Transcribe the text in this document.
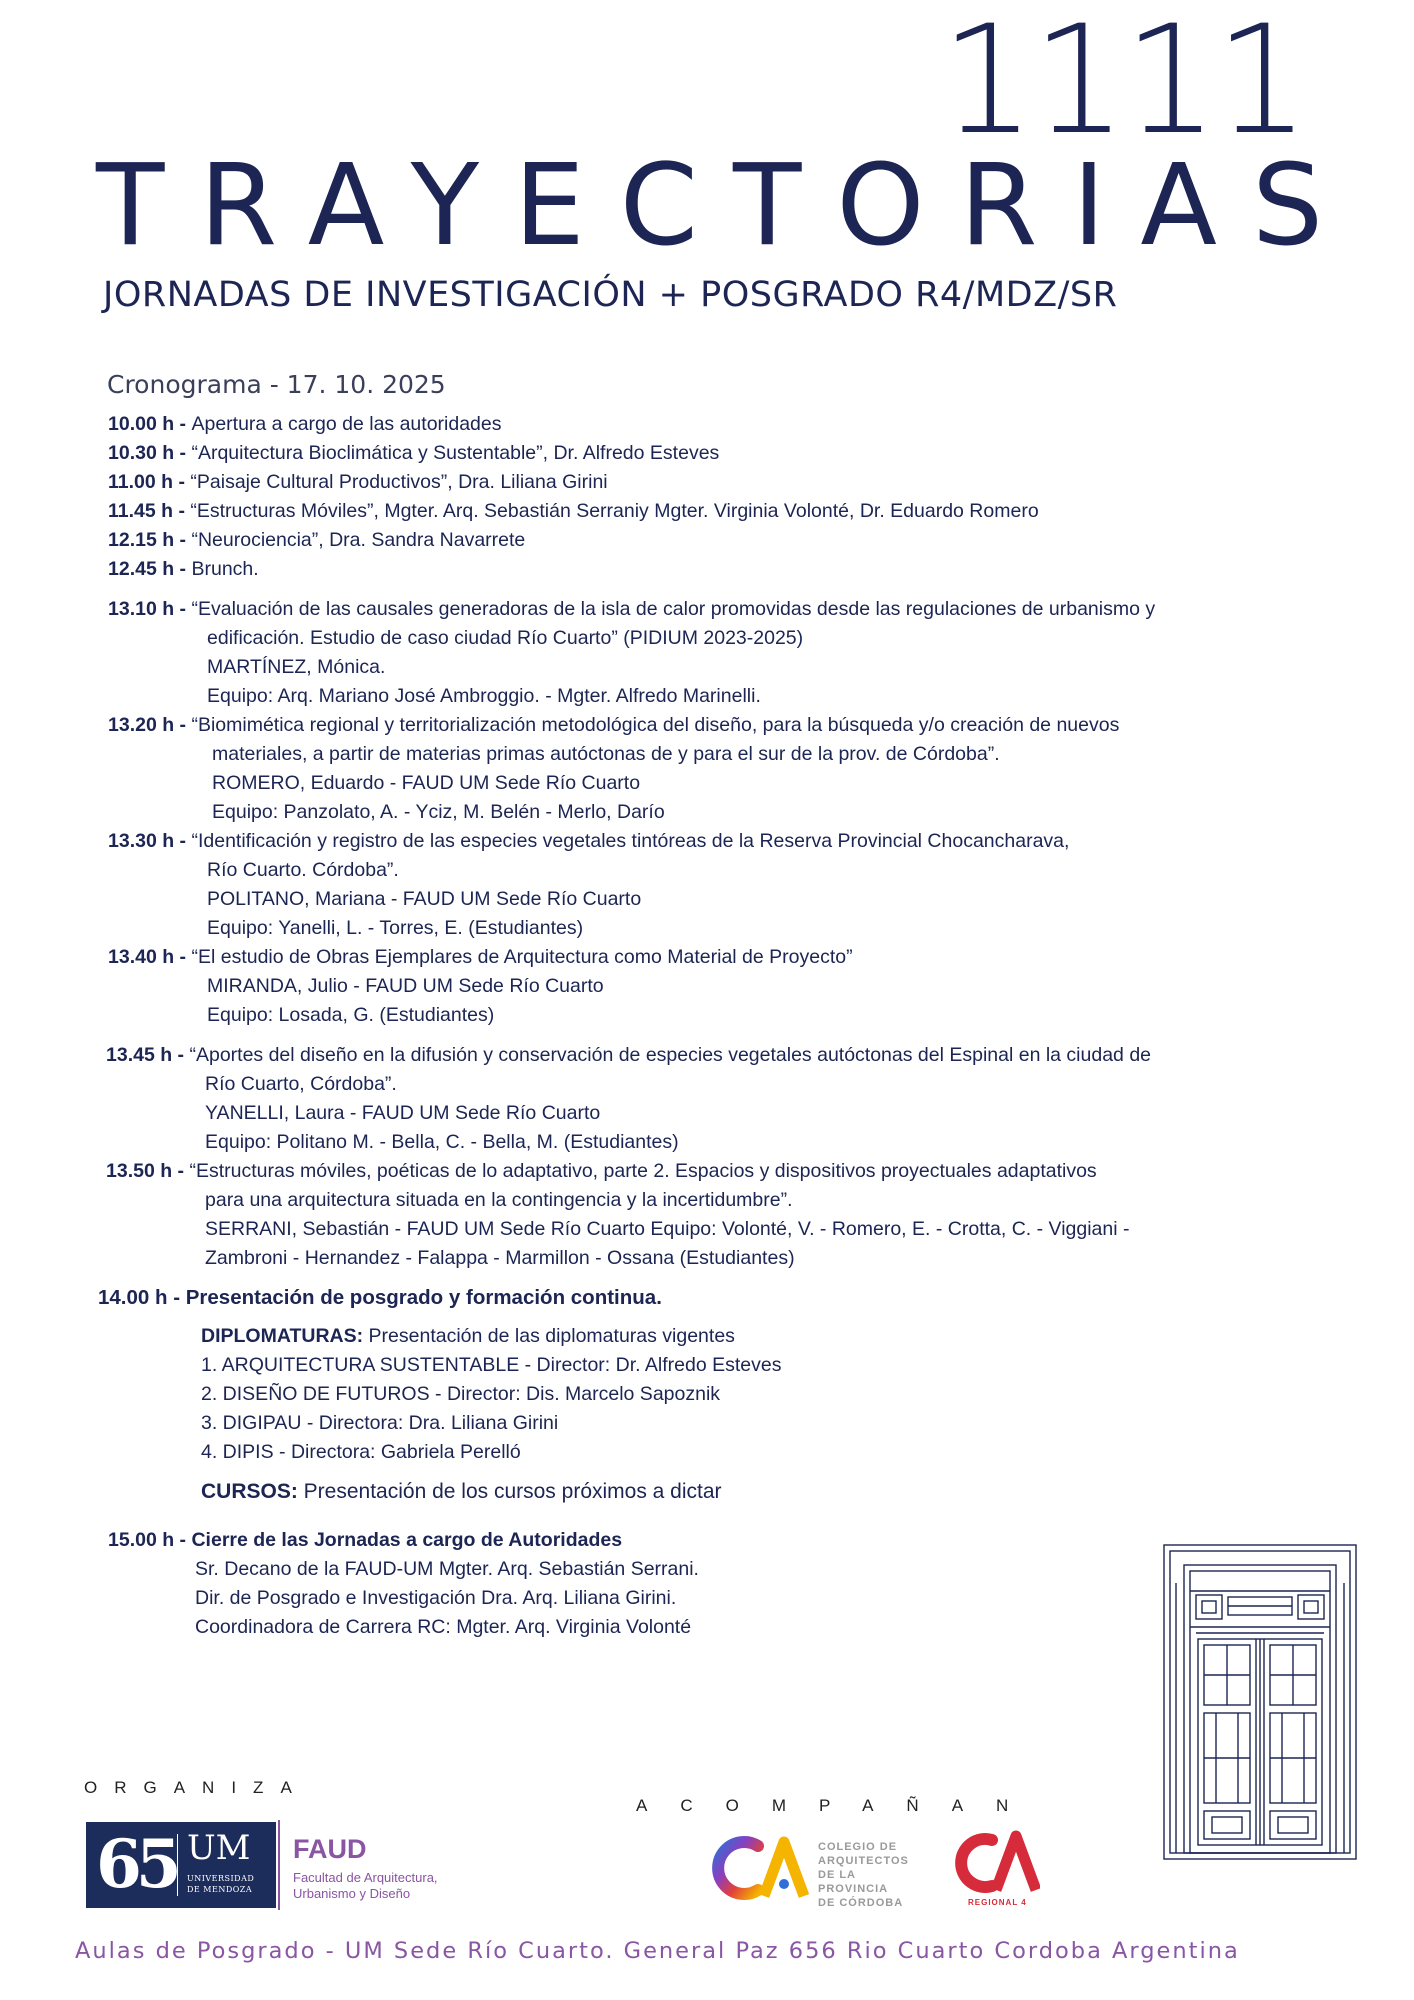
1111
TRAYECTORIAS
JORNADAS DE INVESTIGACIÓN + POSGRADO R4/MDZ/SR
Cronograma - 17. 10. 2025
10.00 h - Apertura a cargo de las autoridades
10.30 h - “Arquitectura Bioclimática y Sustentable”, Dr. Alfredo Esteves
11.00 h - “Paisaje Cultural Productivos”, Dra. Liliana Girini
11.45 h - “Estructuras Móviles”, Mgter. Arq. Sebastián Serraniy Mgter. Virginia Volonté, Dr. Eduardo Romero
12.15 h - “Neurociencia”, Dra. Sandra Navarrete
12.45 h - Brunch.
13.10 h - “Evaluación de las causales generadoras de la isla de calor promovidas desde las regulaciones de urbanismo y
edificación. Estudio de caso ciudad Río Cuarto” (PIDIUM 2023-2025)
MARTÍNEZ, Mónica.
Equipo: Arq. Mariano José Ambroggio. - Mgter. Alfredo Marinelli.
13.20 h - “Biomimética regional y territorialización metodológica del diseño, para la búsqueda y/o creación de nuevos
materiales, a partir de materias primas autóctonas de y para el sur de la prov. de Córdoba”.
ROMERO, Eduardo - FAUD UM Sede Río Cuarto
Equipo: Panzolato, A. - Yciz, M. Belén - Merlo, Darío
13.30 h - “Identificación y registro de las especies vegetales tintóreas de la Reserva Provincial Chocancharava,
Río Cuarto. Córdoba”.
POLITANO, Mariana - FAUD UM Sede Río Cuarto
Equipo: Yanelli, L. - Torres, E. (Estudiantes)
13.40 h - “El estudio de Obras Ejemplares de Arquitectura como Material de Proyecto”
MIRANDA, Julio - FAUD UM Sede Río Cuarto
Equipo: Losada, G. (Estudiantes)
13.45 h - “Aportes del diseño en la difusión y conservación de especies vegetales autóctonas del Espinal en la ciudad de
Río Cuarto, Córdoba”.
YANELLI, Laura - FAUD UM Sede Río Cuarto
Equipo: Politano M. - Bella, C. - Bella, M. (Estudiantes)
13.50 h - “Estructuras móviles, poéticas de lo adaptativo, parte 2. Espacios y dispositivos proyectuales adaptativos
para una arquitectura situada en la contingencia y la incertidumbre”.
SERRANI, Sebastián - FAUD UM Sede Río Cuarto Equipo: Volonté, V. - Romero, E. - Crotta, C. - Viggiani -
Zambroni - Hernandez - Falappa - Marmillon - Ossana (Estudiantes)
14.00 h - Presentación de posgrado y formación continua.
DIPLOMATURAS: Presentación de las diplomaturas vigentes
1. ARQUITECTURA SUSTENTABLE - Director: Dr. Alfredo Esteves
2. DISEÑO DE FUTUROS - Director: Dis. Marcelo Sapoznik
3. DIGIPAU - Directora: Dra. Liliana Girini
4. DIPIS - Directora: Gabriela Perelló
CURSOS: Presentación de los cursos próximos a dictar
15.00 h - Cierre de las Jornadas a cargo de Autoridades
Sr. Decano de la FAUD-UM Mgter. Arq. Sebastián Serrani.
Dir. de Posgrado e Investigación Dra. Arq. Liliana Girini.
Coordinadora de Carrera RC: Mgter. Arq. Virginia Volonté
ORGANIZA
65 UM
UNIVERSIDAD
DE MENDOZA
FAUD
Facultad de Arquitectura,
Urbanismo y Diseño
ACOMPAÑAN
COLEGIO DE
ARQUITECTOS
DE LA PROVINCIA
DE CÓRDOBA	REGIONAL 4
Aulas de Posgrado - UM Sede Río Cuarto. General Paz 656 Rio Cuarto Cordoba Argentina
